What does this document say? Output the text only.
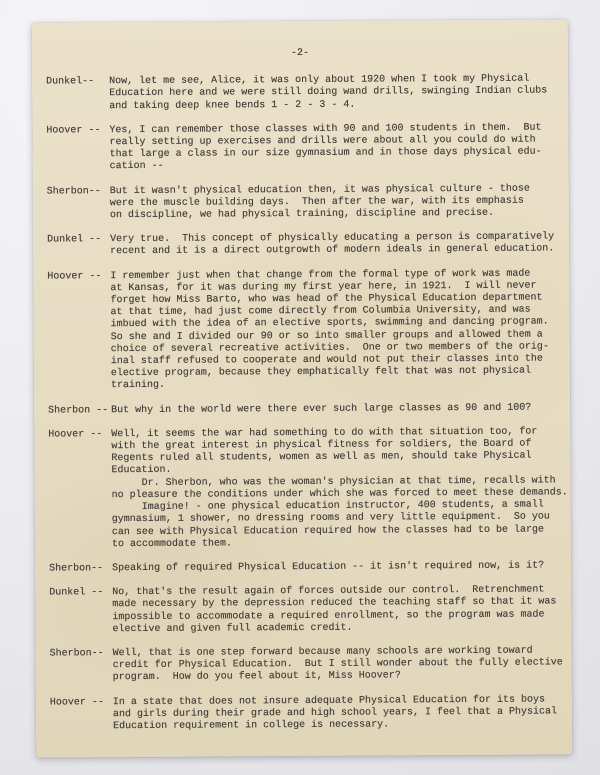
-2-
Dunkel--	Now, let me see, Alice, it was only about 1920 when I took my Physical
Education here and we were still doing wand drills, swinging Indian clubs
and taking deep knee bends 1 - 2 - 3 - 4.
Hoover -- Yes, I can remember those classes with 90 and 100 students in them.  But
really setting up exercises and drills were about all you could do with
that large a class in our size gymnasium and in those days physical edu-
cation --
Sherbon-- But it wasn't physical education then, it was physical culture - those
were the muscle building days.  Then after the war, with its emphasis
on discipline, we had physical training, discipline and precise.
Dunkel -- Very true.  This concept of physically educating a person is comparatively
recent and it is a direct outgrowth of modern ideals in general education.
Hoover -- I remember just when that change from the formal type of work was made
at Kansas, for it was during my first year here, in 1921.  I will never
forget how Miss Barto, who was head of the Physical Education department
at that time, had just come directly from Columbia University, and was
imbued with the idea of an elective sports, swimming and dancing program.
So she and I divided our 90 or so into smaller groups and allowed them a
choice of several recreative activities.  One or two members of the orig-
inal staff refused to cooperate and would not put their classes into the
elective program, because they emphatically felt that was not physical
training.
Sherbon -- But why in the world were there ever such large classes as 90 and 100?
Hoover -- Well, it seems the war had something to do with that situation too, for
with the great interest in physical fitness for soldiers, the Board of
Regents ruled all students, women as well as men, should take Physical
Education.
Dr. Sherbon, who was the woman's physician at that time, recalls with
no pleasure the conditions under which she was forced to meet these demands.
Imagine! - one physical education instructor, 400 students, a small
gymnasium, 1 shower, no dressing rooms and very little equipment.  So you
can see with Physical Education required how the classes had to be large
to accommodate them.
Sherbon-- Speaking of required Physical Education -- it isn't required now, is it?
Dunkel -- No, that's the result again of forces outside our control.  Retrenchment
made necessary by the depression reduced the teaching staff so that it was
impossible to accommodate a required enrollment, so the program was made
elective and given full academic credit.
Sherbon-- Well, that is one step forward because many schools are working toward
credit for Physical Education.  But I still wonder about the fully elective
program.  How do you feel about it, Miss Hoover?
Hoover -- In a state that does not insure adequate Physical Education for its boys
and girls during their grade and high school years, I feel that a Physical
Education requirement in college is necessary.
